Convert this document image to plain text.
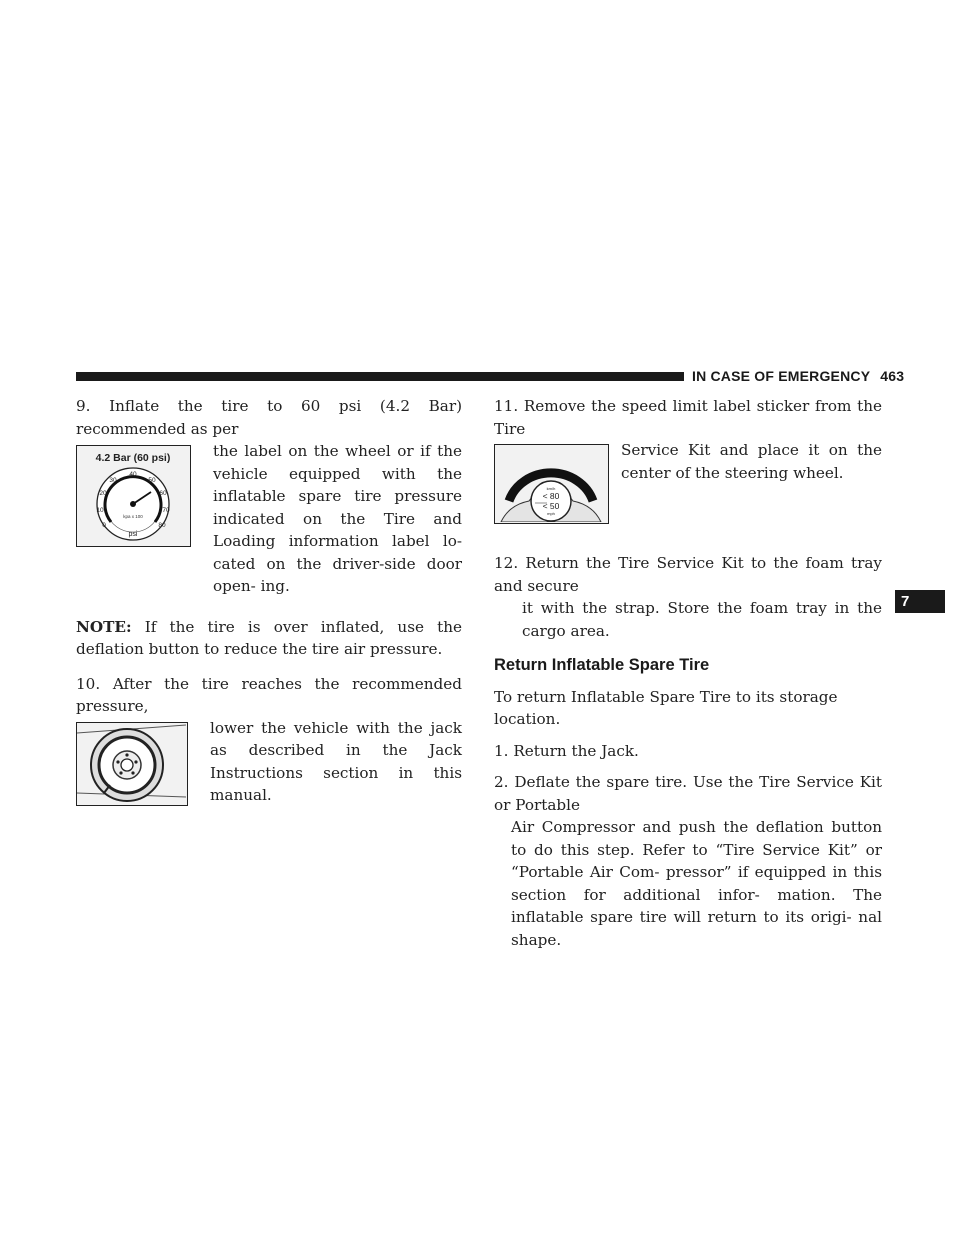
IN CASE OF EMERGENCY 463
7

9. Inflate the tire to 60 psi (4.2 Bar) recommended as per

4.2 Bar (60 psi)
0
10
20
30
40
50
60
70
80
kpa x 100
psi

the label on the wheel or if the vehicle equipped with the inflatable spare tire pressure indicated on the Tire and Loading information label lo- cated on the driver-side door open- ing.

NOTE: If the tire is over inflated, use the deflation button to reduce the tire air pressure.

10. After the tire reaches the recommended pressure,

lower the vehicle with the jack as described in the Jack Instructions section in this manual.

11. Remove the speed limit label sticker from the Tire

km/h
< 80
< 50
mph

Service Kit and place it on the center of the steering wheel.

12. Return the Tire Service Kit to the foam tray and secure

it with the strap. Store the foam tray in the cargo area.

Return Inflatable Spare Tire

To return Inflatable Spare Tire to its storage location.

1. Return the Jack.

2. Deflate the spare tire. Use the Tire Service Kit or Portable

Air Compressor and push the deflation button to do this step. Refer to “Tire Service Kit” or “Portable Air Com- pressor” if equipped in this section for additional infor- mation. The inflatable spare tire will return to its origi- nal shape.
